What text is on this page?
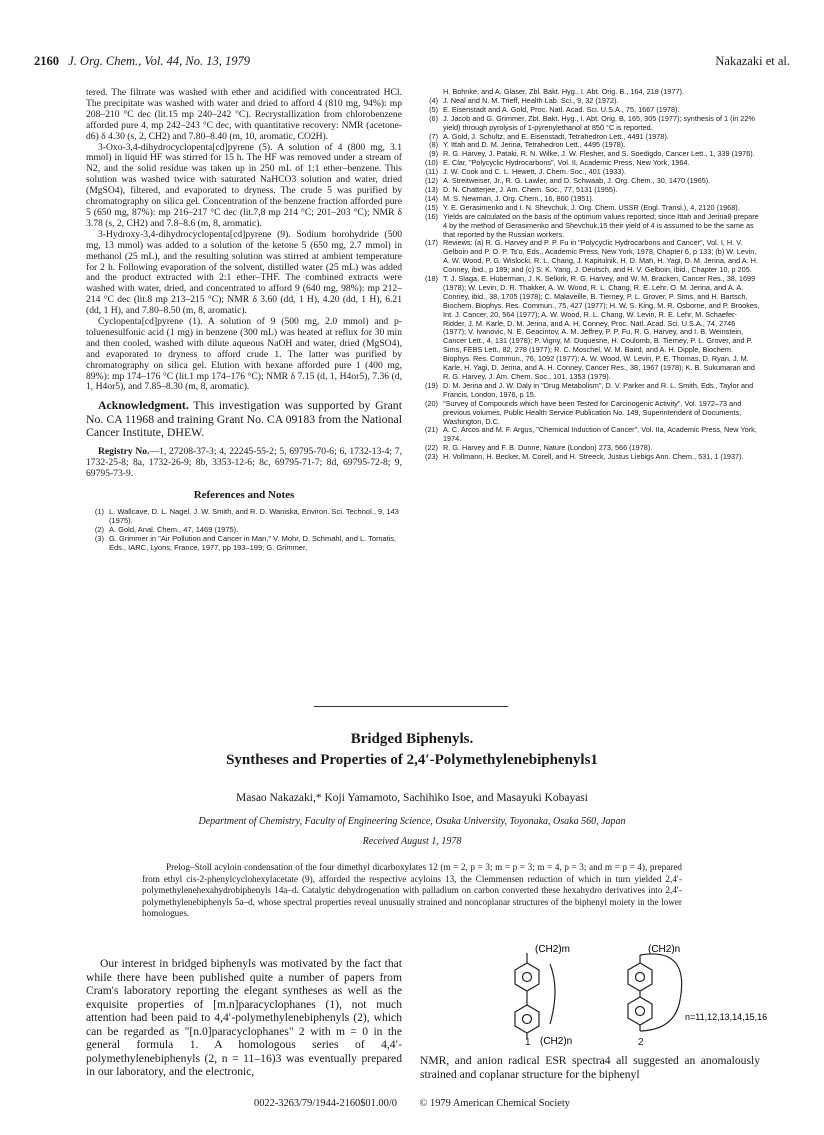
2160 J. Org. Chem., Vol. 44, No. 13, 1979	Nakazaki et al.

tered. The filtrate was washed with ether and acidified with concentrated HCl. The precipitate was washed with water and dried to afford 4 (810 mg, 94%): mp 208–210 °C dec (lit.15 mp 240–242 °C). Recrystallization from chlorobenzene afforded pure 4, mp 242–243 °C dec, with quantitative recovery: NMR (acetone-d6) δ 4.30 (s, 2, CH2) and 7.80–8.40 (m, 10, aromatic, CO2H).

3-Oxo-3,4-dihydrocyclopenta[cd]pyrene (5). A solution of 4 (800 mg, 3.1 mmol) in liquid HF was stirred for 15 h. The HF was removed under a stream of N2, and the solid residue was taken up in 250 mL of 1:1 ether–benzene. This solution was washed twice with saturated NaHCO3 solution and water, dried (MgSO4), filtered, and evaporated to dryness. The crude 5 was purified by chromatography on silica gel. Concentration of the benzene fraction afforded pure 5 (650 mg, 87%): mp 216–217 °C dec (lit.7,8 mp 214 °C; 201–203 °C); NMR δ 3.78 (s, 2, CH2) and 7.8–8.6 (m, 8, aromatic).

3-Hydroxy-3,4-dihydrocyclopenta[cd]pyrene (9). Sodium borohydride (500 mg, 13 mmol) was added to a solution of the ketone 5 (650 mg, 2.7 mmol) in methanol (25 mL), and the resulting solution was stirred at ambient temperature for 2 h. Following evaporation of the solvent, distilled water (25 mL) was added and the product extracted with 2:1 ether–THF. The combined extracts were washed with water, dried, and concentrated to afford 9 (640 mg, 98%): mp 212–214 °C dec (lit.8 mp 213–215 °C); NMR δ 3.60 (dd, 1 H), 4.20 (dd, 1 H), 6.21 (dd, 1 H), and 7.80–8.50 (m, 8, aromatic).

Cyclopenta[cd]pyrene (1). A solution of 9 (500 mg, 2.0 mmol) and p-toluenesulfonic acid (1 mg) in benzene (300 mL) was heated at reflux for 30 min and then cooled, washed with dilute aqueous NaOH and water, dried (MgSO4), and evaporated to dryness to afford crude 1. The latter was purified by chromatography on silica gel. Elution with hexane afforded pure 1 (400 mg, 89%): mp 174–176 °C (lit.1 mp 174–176 °C); NMR δ 7.15 (d, 1, H4or5), 7.36 (d, 1, H4or5), and 7.85–8.30 (m, 8, aromatic).

Acknowledgment. This investigation was supported by Grant No. CA 11968 and training Grant No. CA 09183 from the National Cancer Institute, DHEW.

Registry No.—1, 27208-37-3; 4, 22245-55-2; 5, 69795-70-6; 6, 1732-13-4; 7, 1732-25-8; 8a, 1732-26-9; 8b, 3353-12-6; 8c, 69795-71-7; 8d, 69795-72-8; 9, 69795-73-9.

References and Notes
(1) L. Wallcave, D. L. Nagel, J. W. Smith, and R. D. Waniska, Environ. Sci. Technol., 9, 143 (1975).
(2) A. Gold, Anal. Chem., 47, 1469 (1975).
(3) G. Grimmer in "Air Pollution and Cancer in Man," V. Mohr, D. Schmahl, and L. Tomatis, Eds., IARC, Lyons, France, 1977, pp 193–199; G. Grimmer,
H. Bohnke, and A. Glaser, Zbl. Bakt. Hyg., I. Abt. Orig. B., 164, 218 (1977).
(4) J. Neal and N. M. Trieff, Health Lab. Sci., 9, 32 (1972).
(5) E. Eisenstadt and A. Gold, Proc. Natl. Acad. Sci. U.S.A., 75, 1667 (1978).
(6) J. Jacob and G. Grimmer, Zbt. Bakt. Hyg., I. Abt. Orig. B, 165, 305 (1977); synthesis of 1 (in 22% yield) through pyrolysis of 1-pyrenylethanol at 850 °C is reported.
(7) A. Gold, J. Schultz, and E. Eisenstadt, Tetrahedron Lett., 4491 (1978).
(8) Y. Ittah and D. M. Jerina, Tetrahedron Lett., 4495 (1978).
(9) R. G. Harvey, J. Pataki, R. N. Wilke, J. W. Flesher, and S. Soedigdo, Cancer Lett., 1, 339 (1976).
(10) E. Clar, "Polycyclic Hydrocarbons", Vol. II, Academic Press, New York, 1964.
(11) J. W. Cook and C. L. Hewett, J. Chem. Soc., 401 (1933).
(12) A. Streitweiser, Jr., R. G. Lawler, and D. Schwaab, J. Org. Chem., 30, 1470 (1965).
(13) D. N. Chatterjee, J. Am. Chem. Soc., 77, 5131 (1955).
(14) M. S. Newman, J. Org. Chem., 16, 860 (1951).
(15) Y. E. Gerasimenko and I. N. Shevchuk, J. Org. Chem. USSR (Engl. Transl.), 4, 2120 (1968).
(16) Yields are calculated on the basis of the optimum values reported; since Ittah and Jerina8 prepare 4 by the method of Gerasimenko and Shevchuk,15 their yield of 4 is assumed to be the same as that reported by the Russian workers.
(17) Reviews: (a) R. G. Harvey and P. P. Fu in "Polycyclic Hydrocarbons and Cancer", Vol. I, H. V. Gelboin and P. O. P. Ts'o, Eds., Academic Press, New York, 1978, Chapter 6, p 133; (b) W. Levin, A. W. Wood, P. G. Wislocki, R. L. Chang, J. Kapitulnik, H. D. Mah, H. Yagi, D. M. Jerina, and A. H. Conney, ibid., p 189; and (c) S. K. Yang, J. Deutsch, and H. V. Gelboin, ibid., Chapter 10, p 205.
(18) T. J. Slaga, E. Huberman, J. K. Selkirk, R. G. Harvey, and W. M. Bracken, Cancer Res., 38, 1699 (1978); W. Levin, D. R. Thakker, A. W. Wood, R. L. Chang, R. E. Lehr, O. M. Jerina, and A. A. Conney, ibid., 38, 1705 (1978); C. Malaveille, B. Tierney, P. L. Grover, P. Sims, and H. Bartsch, Biochem. Biophys. Res. Commun., 75, 427 (1977); H. W. S. King, M. R. Osborne, and P. Brookes, Int. J. Cancer, 20, 564 (1977); A. W. Wood, R. L. Chang, W. Levin, R. E. Lehr, M. Schaefer-Ridder, J. M. Karle, D. M. Jerina, and A. H. Conney, Proc. Natl. Acad. Sci. U.S.A., 74, 2746 (1977); V. Ivanovic, N. E. Geacintov, A. M. Jeffrey, P. P. Fu, R. G. Harvey, and I. B. Weinstein, Cancer Lett., 4, 131 (1978); P. Vigny, M. Duquesne, H. Coulomb, B. Tierney, P. L. Grover, and P. Sims, FEBS Lett., 82, 278 (1977); R. C. Moschel, W. M. Baird, and A. H. Dipple, Biochem. Biophys. Res. Commun., 76, 1092 (1977); A. W. Wood, W. Levin, P. E. Thomas, D. Ryan, J. M. Karle, H. Yagi, D. Jerina, and A. H. Conney, Cancer Res., 38, 1967 (1978); K. B. Sukumaran and R. G. Harvey, J. Am. Chem. Soc., 101, 1353 (1979).
(19) D. M. Jerina and J. W. Daly in "Drug Metabolism", D. V. Parker and R. L. Smith, Eds., Taylor and Francis, London, 1976, p 15.
(20) "Survey of Compounds which have been Tested for Carcinogenic Activity", Vol. 1972–73 and previous volumes, Public Health Service Publication No. 149, Superintendent of Documents, Washington, D.C.
(21) A. C. Arcos and M. F. Argus, "Chemical Induction of Cancer", Vol. IIa, Academic Press, New York, 1974.
(22) R. G. Harvey and F. B. Dunne, Nature (London) 273, 566 (1978).
(23) H. Vollmann, H. Becker, M. Corell, and H. Streeck, Justus Liebigs Ann. Chem., 531, 1 (1937).
Bridged Biphenyls.
Syntheses and Properties of 2,4′-Polymethylenebiphenyls1
Masao Nakazaki,* Koji Yamamoto, Sachihiko Isoe, and Masayuki Kobayasi
Department of Chemistry, Faculty of Engineering Science, Osaka University, Toyonaka, Osaka 560, Japan
Received August 1, 1978
Prelog–Stoll acyloin condensation of the four dimethyl dicarboxylates 12 (m = 2, p = 3; m = p = 3; m = 4, p = 3; and m = p = 4), prepared from ethyl cis-2-phenylcyclohexylacetate (9), afforded the respective acyloins 13, the Clemmensen reduction of which in turn yielded 2,4′-polymethylenehexahydrobiphenyls 14a–d. Catalytic dehydrogenation with palladium on carbon converted these hexahydro derivatives into 2,4′-polymethylenebiphenyls 5a–d, whose spectral properties reveal unusually strained and noncoplanar structures of the biphenyl moiety in the lower homologues.

Our interest in bridged biphenyls was motivated by the fact that while there have been published quite a number of papers from Cram's laboratory reporting the elegant syntheses as well as the exquisite properties of [m.n]paracyclophanes (1), not much attention had been paid to 4,4′-polymethylenebiphenyls (2), which can be regarded as "[n.0]paracyclophanes" 2 with m = 0 in the general formula 1. A homologous series of 4,4′-polymethylenebiphenyls (2, n = 11–16)3 was eventually prepared in our laboratory, and the electronic,

NMR, and anion radical ESR spectra4 all suggested an anomalously strained and coplanar structure for the biphenyl
(CH2)m	(CH2)n
(CH2)n
n=11,12,13,14,15,16
1	2
0022-3263/79/1944-2160$01.00/0 © 1979 American Chemical Society
